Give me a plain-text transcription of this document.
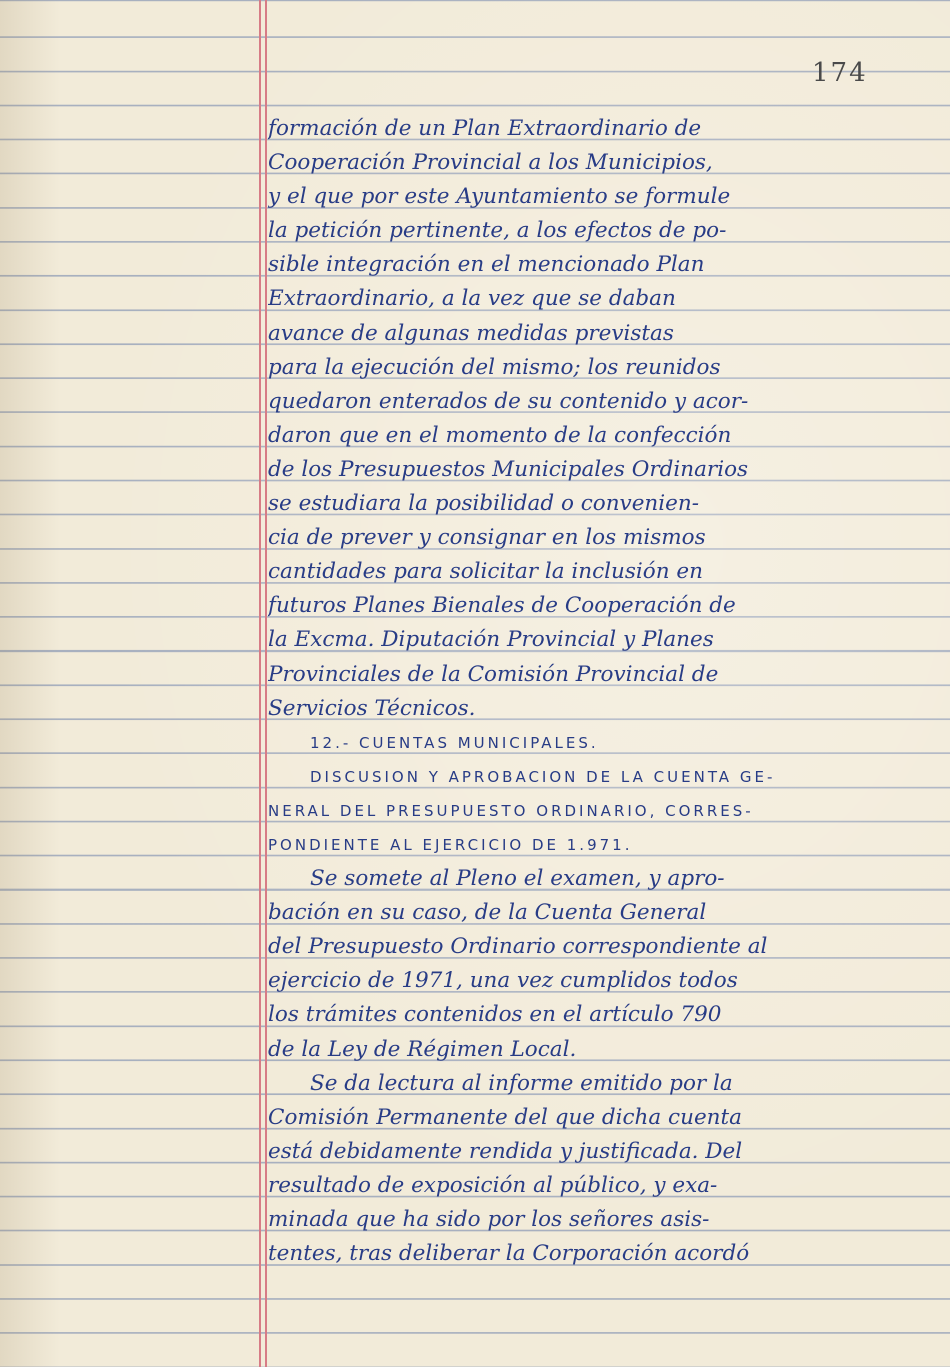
174
formación de un Plan Extraordinario de
Cooperación Provincial a los Municipios,
y el que por este Ayuntamiento se formule
la petición pertinente, a los efectos de po-
sible integración en el mencionado Plan
Extraordinario, a la vez que se daban
avance de algunas medidas previstas
para la ejecución del mismo; los reunidos
quedaron enterados de su contenido y acor-
daron que en el momento de la confección
de los Presupuestos Municipales Ordinarios
se estudiara la posibilidad o convenien-
cia de prever y consignar en los mismos
cantidades para solicitar la inclusión en
futuros Planes Bienales de Cooperación de
la Excma. Diputación Provincial y Planes
Provinciales de la Comisión Provincial de
Servicios Técnicos.
12.- CUENTAS MUNICIPALES.
DISCUSION Y APROBACION DE LA CUENTA GE-
NERAL DEL PRESUPUESTO ORDINARIO, CORRES-
PONDIENTE AL EJERCICIO DE 1.971.
Se somete al Pleno el examen, y apro-
bación en su caso, de la Cuenta General
del Presupuesto Ordinario correspondiente al
ejercicio de 1971, una vez cumplidos todos
los trámites contenidos en el artículo 790
de la Ley de Régimen Local.
Se da lectura al informe emitido por la
Comisión Permanente del que dicha cuenta
está debidamente rendida y justificada. Del
resultado de exposición al público, y exa-
minada que ha sido por los señores asis-
tentes, tras deliberar la Corporación acordó
